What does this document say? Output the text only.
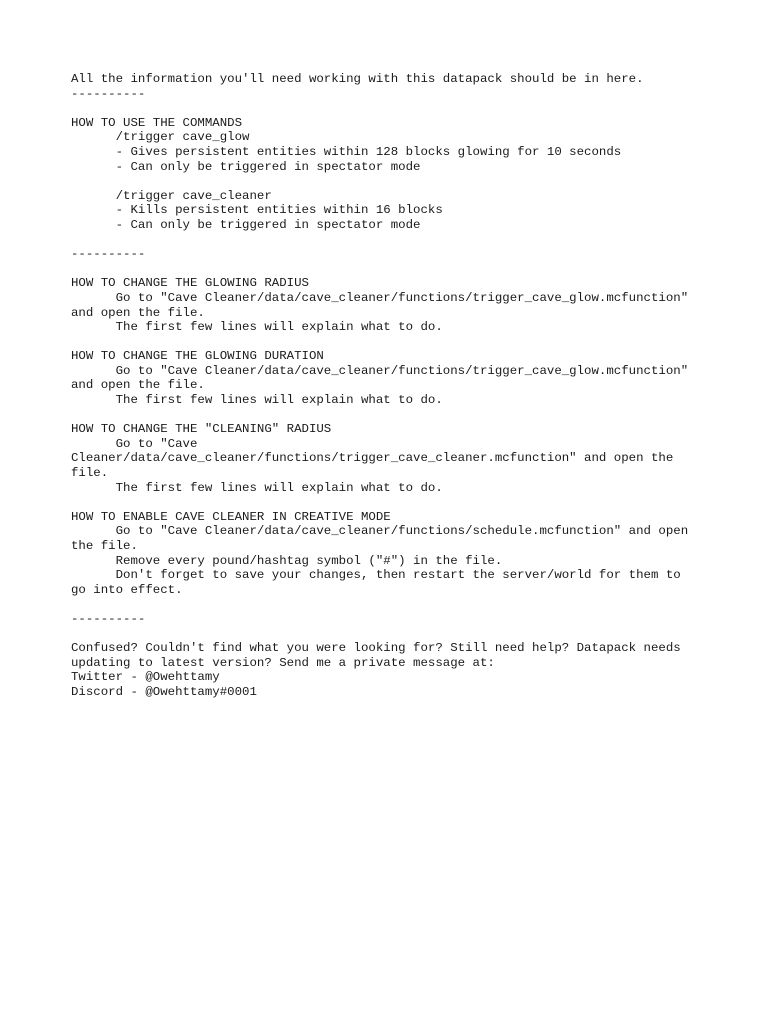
All the information you'll need working with this datapack should be in here.
----------
HOW TO USE THE COMMANDS
/trigger cave_glow
- Gives persistent entities within 128 blocks glowing for 10 seconds
- Can only be triggered in spectator mode
/trigger cave_cleaner
- Kills persistent entities within 16 blocks
- Can only be triggered in spectator mode
----------
HOW TO CHANGE THE GLOWING RADIUS
Go to "Cave Cleaner/data/cave_cleaner/functions/trigger_cave_glow.mcfunction"
and open the file.
The first few lines will explain what to do.
HOW TO CHANGE THE GLOWING DURATION
Go to "Cave Cleaner/data/cave_cleaner/functions/trigger_cave_glow.mcfunction"
and open the file.
The first few lines will explain what to do.
HOW TO CHANGE THE "CLEANING" RADIUS
Go to "Cave
Cleaner/data/cave_cleaner/functions/trigger_cave_cleaner.mcfunction" and open the
file.
The first few lines will explain what to do.
HOW TO ENABLE CAVE CLEANER IN CREATIVE MODE
Go to "Cave Cleaner/data/cave_cleaner/functions/schedule.mcfunction" and open
the file.
Remove every pound/hashtag symbol ("#") in the file.
Don't forget to save your changes, then restart the server/world for them to
go into effect.
----------
Confused? Couldn't find what you were looking for? Still need help? Datapack needs
updating to latest version? Send me a private message at:
Twitter - @Owehttamy
Discord - @Owehttamy#0001
